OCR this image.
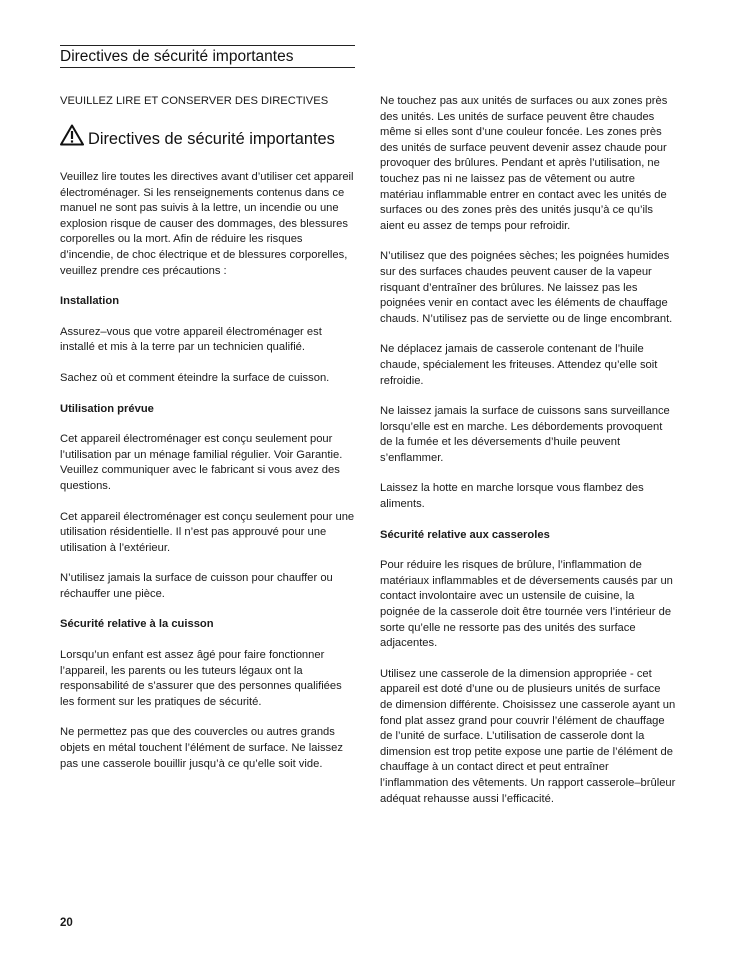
Directives de sécurité importantes

VEUILLEZ LIRE ET CONSERVER DES DIRECTIVES

Directives de sécurité importantes

Veuillez lire toutes les directives avant d’utiliser cet appareil électroménager. Si les renseignements contenus dans ce manuel ne sont pas suivis à la lettre, un incendie ou une explosion risque de causer des dommages, des blessures corporelles ou la mort. Afin de réduire les risques d’incendie, de choc électrique et de blessures corporelles, veuillez prendre ces précautions :

Installation

Assurez–vous que votre appareil électroménager est installé et mis à la terre par un technicien qualifié.

Sachez où et comment éteindre la surface de cuisson.

Utilisation prévue

Cet appareil électroménager est conçu seulement pour l’utilisation par un ménage familial régulier. Voir Garantie. Veuillez communiquer avec le fabricant si vous avez des questions.

Cet appareil électroménager est conçu seulement pour une utilisation résidentielle. Il n’est pas approuvé pour une utilisation à l’extérieur.

N’utilisez jamais la surface de cuisson pour chauffer ou réchauffer une pièce.

Sécurité relative à la cuisson

Lorsqu’un enfant est assez âgé pour faire fonctionner l’appareil, les parents ou les tuteurs légaux ont la responsabilité de s’assurer que des personnes qualifiées les forment sur les pratiques de sécurité.

Ne permettez pas que des couvercles ou autres grands objets en métal touchent l’élément de surface. Ne laissez pas une casserole bouillir jusqu’à ce qu’elle soit vide.

Ne touchez pas aux unités de surfaces ou aux zones près des unités. Les unités de surface peuvent être chaudes même si elles sont d’une couleur foncée. Les zones près des unités de surface peuvent devenir assez chaude pour provoquer des brûlures. Pendant et après l’utilisation, ne touchez pas ni ne laissez pas de vêtement ou autre matériau inflammable entrer en contact avec les unités de surfaces ou des zones près des unités jusqu’à ce qu’ils aient eu assez de temps pour refroidir.

N’utilisez que des poignées sèches; les poignées humides sur des surfaces chaudes peuvent causer de la vapeur risquant d’entraîner des brûlures. Ne laissez pas les poignées venir en contact avec les éléments de chauffage chauds. N’utilisez pas de serviette ou de linge encombrant.

Ne déplacez jamais de casserole contenant de l’huile chaude, spécialement les friteuses. Attendez qu’elle soit refroidie.

Ne laissez jamais la surface de cuissons sans surveillance lorsqu’elle est en marche. Les débordements provoquent de la fumée et les déversements d’huile peuvent s’enflammer.

Laissez la hotte en marche lorsque vous flambez des aliments.

Sécurité relative aux casseroles

Pour réduire les risques de brûlure, l’inflammation de matériaux inflammables et de déversements causés par un contact involontaire avec un ustensile de cuisine, la poignée de la casserole doit être tournée vers l’intérieur de sorte qu’elle ne ressorte pas des unités des surface adjacentes.

Utilisez une casserole de la dimension appropriée - cet appareil est doté d’une ou de plusieurs unités de surface de dimension différente. Choisissez une casserole ayant un fond plat assez grand pour couvrir l’élément de chauffage de l’unité de surface. L’utilisation de casserole dont la dimension est trop petite expose une partie de l’élément de chauffage à un contact direct et peut entraîner l’inflammation des vêtements. Un rapport casserole–brûleur adéquat rehausse aussi l’efficacité.

20
